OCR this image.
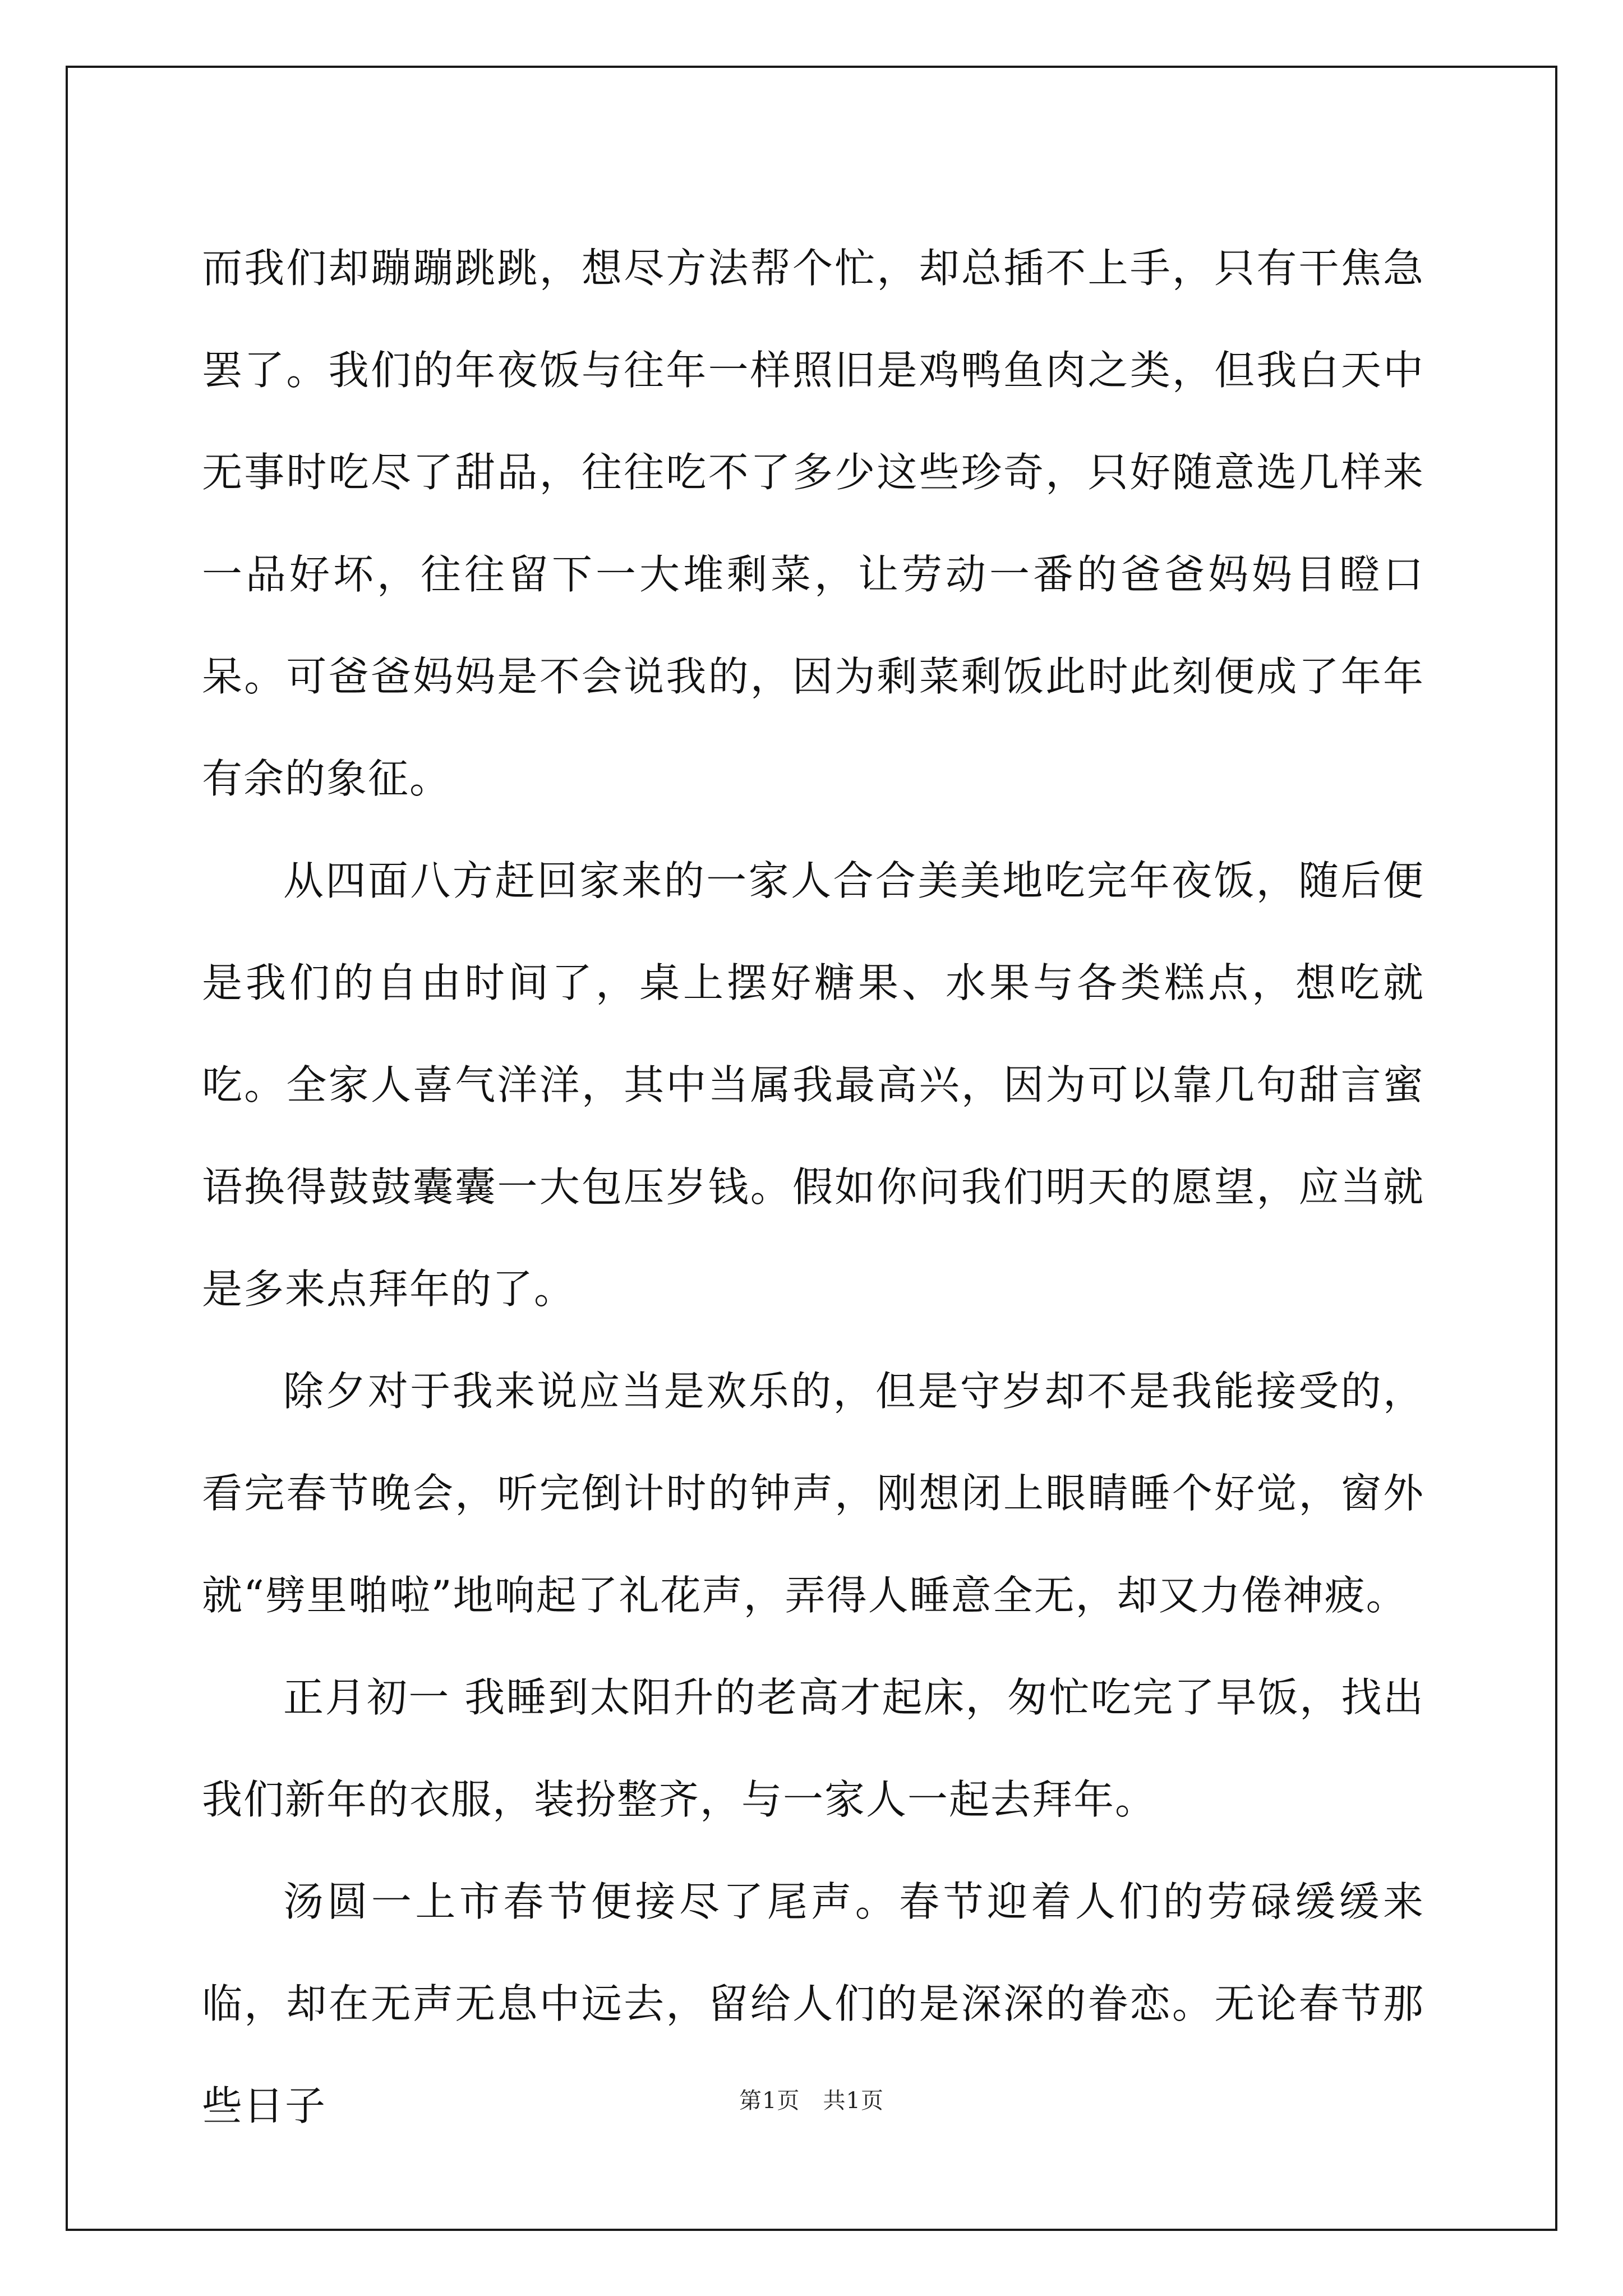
而我们却蹦蹦跳跳，想尽方法帮个忙，却总插不上手，只有干焦急罢了。我们的年夜饭与往年一样照旧是鸡鸭鱼肉之类，但我白天中无事时吃尽了甜品，往往吃不了多少这些珍奇，只好随意选几样来一品好坏，往往留下一大堆剩菜，让劳动一番的爸爸妈妈目瞪口呆。可爸爸妈妈是不会说我的，因为剩菜剩饭此时此刻便成了年年有余的象征。

从四面八方赶回家来的一家人合合美美地吃完年夜饭，随后便是我们的自由时间了，桌上摆好糖果、水果与各类糕点，想吃就吃。全家人喜气洋洋，其中当属我最高兴，因为可以靠几句甜言蜜语换得鼓鼓囊囊一大包压岁钱。假如你问我们明天的愿望，应当就是多来点拜年的了。

除夕对于我来说应当是欢乐的，但是守岁却不是我能接受的，看完春节晚会，听完倒计时的钟声，刚想闭上眼睛睡个好觉，窗外就“劈里啪啦”地响起了礼花声，弄得人睡意全无，却又力倦神疲。

正月初一 我睡到太阳升的老高才起床，匆忙吃完了早饭，找出我们新年的衣服，装扮整齐，与一家人一起去拜年。

汤圆一上市春节便接尽了尾声。春节迎着人们的劳碌缓缓来临，却在无声无息中远去，留给人们的是深深的眷恋。无论春节那些日子	第1页   共1页
